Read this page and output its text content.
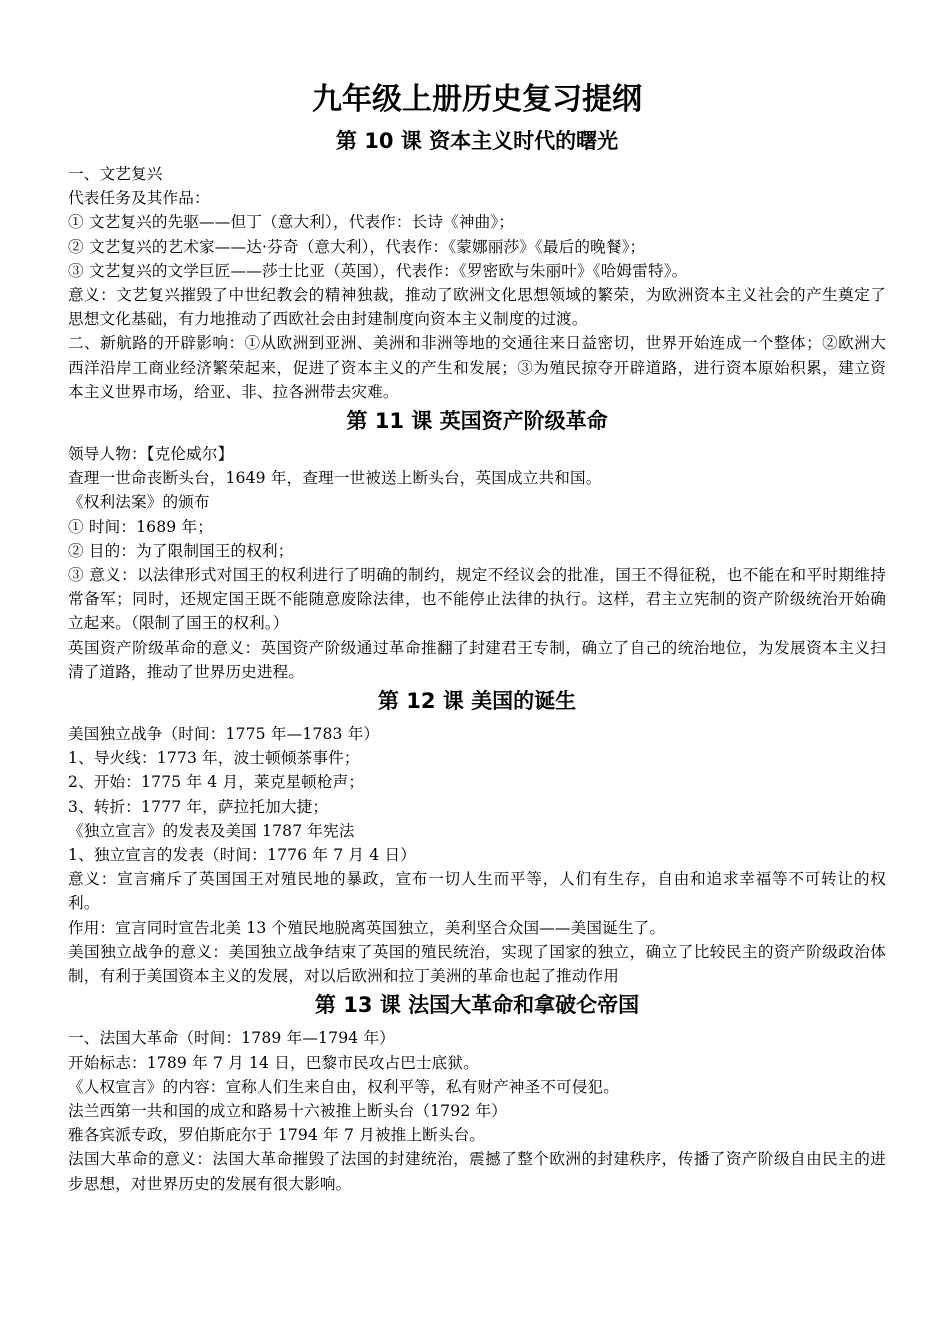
九年级上册历史复习提纲
第 10 课 资本主义时代的曙光

一、文艺复兴

代表任务及其作品：

① 文艺复兴的先驱——但丁（意大利），代表作：长诗《神曲》；

② 文艺复兴的艺术家——达·芬奇（意大利），代表作：《蒙娜丽莎》《最后的晚餐》；

③ 文艺复兴的文学巨匠——莎士比亚（英国），代表作：《罗密欧与朱丽叶》《哈姆雷特》。

意义：文艺复兴摧毁了中世纪教会的精神独裁，推动了欧洲文化思想领域的繁荣，为欧洲资本主义社会的产生奠定了思想文化基础，有力地推动了西欧社会由封建制度向资本主义制度的过渡。

二、新航路的开辟影响：①从欧洲到亚洲、美洲和非洲等地的交通往来日益密切，世界开始连成一个整体；②欧洲大西洋沿岸工商业经济繁荣起来，促进了资本主义的产生和发展；③为殖民掠夺开辟道路，进行资本原始积累，建立资本主义世界市场，给亚、非、拉各洲带去灾难。

第 11 课 英国资产阶级革命

领导人物：【克伦威尔】

查理一世命丧断头台，1649 年，查理一世被送上断头台，英国成立共和国。

《权利法案》的颁布

① 时间：1689 年；

② 目的：为了限制国王的权利；

③ 意义：以法律形式对国王的权利进行了明确的制约，规定不经议会的批准，国王不得征税，也不能在和平时期维持常备军；同时，还规定国王既不能随意废除法律，也不能停止法律的执行。这样，君主立宪制的资产阶级统治开始确立起来。（限制了国王的权利。）

英国资产阶级革命的意义：英国资产阶级通过革命推翻了封建君王专制，确立了自己的统治地位，为发展资本主义扫清了道路，推动了世界历史进程。

第 12 课 美国的诞生

美国独立战争（时间：1775 年—1783 年）

1、导火线：1773 年，波士顿倾茶事件；

2、开始：1775 年 4 月，莱克星顿枪声；

3、转折：1777 年，萨拉托加大捷；

《独立宣言》的发表及美国 1787 年宪法

1、独立宣言的发表（时间：1776 年 7 月 4 日）

意义：宣言痛斥了英国国王对殖民地的暴政，宣布一切人生而平等，人们有生存，自由和追求幸福等不可转让的权利。

作用：宣言同时宣告北美 13 个殖民地脱离英国独立，美利坚合众国——美国诞生了。

美国独立战争的意义：美国独立战争结束了英国的殖民统治，实现了国家的独立，确立了比较民主的资产阶级政治体制，有利于美国资本主义的发展，对以后欧洲和拉丁美洲的革命也起了推动作用

第 13 课 法国大革命和拿破仑帝国

一、法国大革命（时间：1789 年—1794 年）

开始标志：1789 年 7 月 14 日，巴黎市民攻占巴士底狱。

《人权宣言》的内容：宣称人们生来自由，权利平等，私有财产神圣不可侵犯。

法兰西第一共和国的成立和路易十六被推上断头台（1792 年）

雅各宾派专政，罗伯斯庇尔于 1794 年 7 月被推上断头台。

法国大革命的意义：法国大革命摧毁了法国的封建统治，震撼了整个欧洲的封建秩序，传播了资产阶级自由民主的进步思想，对世界历史的发展有很大影响。
